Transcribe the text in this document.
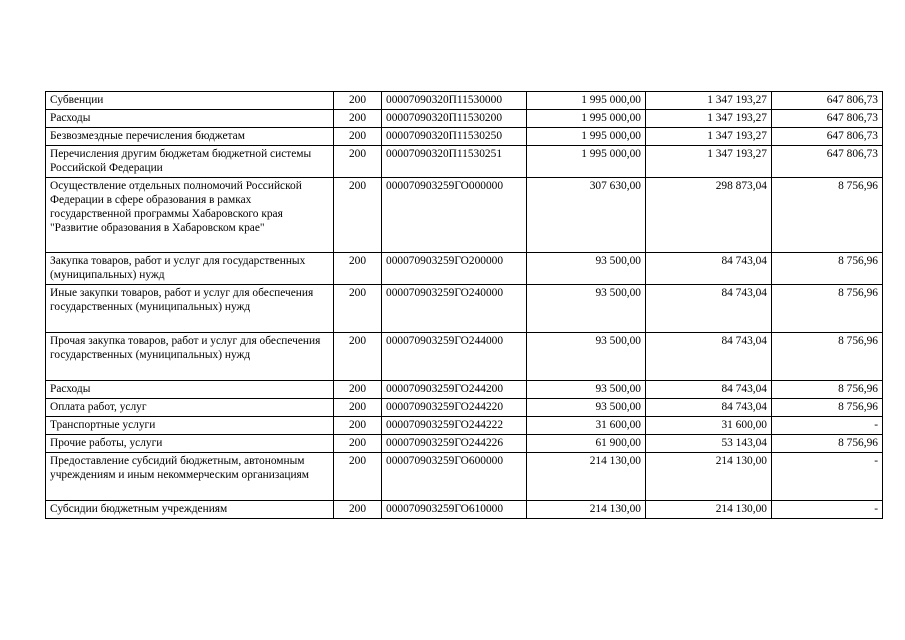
Субвенции	200	00007090320П11530000	1 995 000,00	1 347 193,27	647 806,73
Расходы	200	00007090320П11530200	1 995 000,00	1 347 193,27	647 806,73
Безвозмездные перечисления бюджетам	200	00007090320П11530250	1 995 000,00	1 347 193,27	647 806,73
Перечисления другим бюджетам бюджетной системы Российской Федерации	200	00007090320П11530251	1 995 000,00	1 347 193,27	647 806,73
Осуществление отдельных полномочий Российской Федерации в сфере образования в рамках государственной программы Хабаровского края "Развитие образования в Хабаровском крае"	200	000070903259ГО000000	307 630,00	298 873,04	8 756,96
Закупка товаров, работ и услуг для государственных (муниципальных) нужд	200	000070903259ГО200000	93 500,00	84 743,04	8 756,96
Иные закупки товаров, работ и услуг для обеспечения государственных (муниципальных) нужд	200	000070903259ГО240000	93 500,00	84 743,04	8 756,96
Прочая закупка товаров, работ и услуг для обеспечения государственных (муниципальных) нужд	200	000070903259ГО244000	93 500,00	84 743,04	8 756,96
Расходы	200	000070903259ГО244200	93 500,00	84 743,04	8 756,96
Оплата работ, услуг	200	000070903259ГО244220	93 500,00	84 743,04	8 756,96
Транспортные услуги	200	000070903259ГО244222	31 600,00	31 600,00	-
Прочие работы, услуги	200	000070903259ГО244226	61 900,00	53 143,04	8 756,96
Предоставление субсидий бюджетным, автономным учреждениям и иным некоммерческим организациям	200	000070903259ГО600000	214 130,00	214 130,00	-
Субсидии бюджетным учреждениям	200	000070903259ГО610000	214 130,00	214 130,00	-
